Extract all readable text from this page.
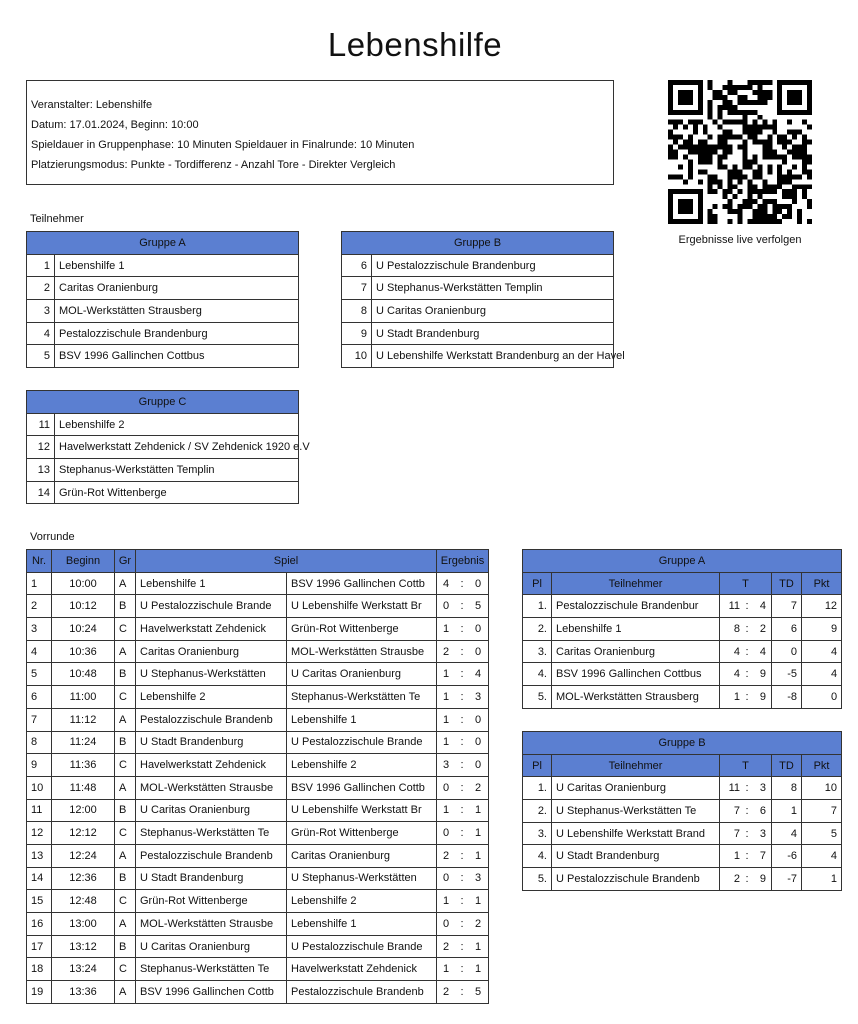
Lebenshilfe
Veranstalter: Lebenshilfe
Datum: 17.01.2024, Beginn: 10:00
Spieldauer in Gruppenphase: 10 Minuten Spieldauer in Finalrunde: 10 Minuten
Platzierungsmodus: Punkte - Tordifferenz - Anzahl Tore - Direkter Vergleich
Ergebnisse live verfolgen
Teilnehmer
Gruppe A	
1	Lebenshilfe 1
2	Caritas Oranienburg
3	MOL-Werkstätten Strausberg
4	Pestalozzischule Brandenburg
5	BSV 1996 Gallinchen Cottbus
Gruppe B	
6	U Pestalozzischule Brandenburg
7	U Stephanus-Werkstätten Templin
8	U Caritas Oranienburg
9	U Stadt Brandenburg
10	U Lebenshilfe Werkstatt Brandenburg an der Havel
Gruppe C	
11	Lebenshilfe 2
12	Havelwerkstatt Zehdenick / SV Zehdenick 1920 e.V
13	Stephanus-Werkstätten Templin
14	Grün-Rot Wittenberge
Vorrunde
Nr.	Beginn	Gr	Spiel		Ergebnis
1	10:00	A	Lebenshilfe 1	BSV 1996 Gallinchen Cottb	4 : 0
2	10:12	B	U Pestalozzischule Brande	U Lebenshilfe Werkstatt Br	0 : 5
3	10:24	C	Havelwerkstatt Zehdenick	Grün-Rot Wittenberge	1 : 0
4	10:36	A	Caritas Oranienburg	MOL-Werkstätten Strausbe	2 : 0
5	10:48	B	U Stephanus-Werkstätten	U Caritas Oranienburg	1 : 4
6	11:00	C	Lebenshilfe 2	Stephanus-Werkstätten Te	1 : 3
7	11:12	A	Pestalozzischule Brandenb	Lebenshilfe 1	1 : 0
8	11:24	B	U Stadt Brandenburg	U Pestalozzischule Brande	1 : 0
9	11:36	C	Havelwerkstatt Zehdenick	Lebenshilfe 2	3 : 0
10	11:48	A	MOL-Werkstätten Strausbe	BSV 1996 Gallinchen Cottb	0 : 2
11	12:00	B	U Caritas Oranienburg	U Lebenshilfe Werkstatt Br	1 : 1
12	12:12	C	Stephanus-Werkstätten Te	Grün-Rot Wittenberge	0 : 1
13	12:24	A	Pestalozzischule Brandenb	Caritas Oranienburg	2 : 1
14	12:36	B	U Stadt Brandenburg	U Stephanus-Werkstätten	0 : 3
15	12:48	C	Grün-Rot Wittenberge	Lebenshilfe 2	1 : 1
16	13:00	A	MOL-Werkstätten Strausbe	Lebenshilfe 1	0 : 2
17	13:12	B	U Caritas Oranienburg	U Pestalozzischule Brande	2 : 1
18	13:24	C	Stephanus-Werkstätten Te	Havelwerkstatt Zehdenick	1 : 1
19	13:36	A	BSV 1996 Gallinchen Cottb	Pestalozzischule Brandenb	2 : 5
Gruppe A				
Pl	Teilnehmer	T	TD	Pkt
1.	Pestalozzischule Brandenbur	11 : 4	7	12
2.	Lebenshilfe 1	8 : 2	6	9
3.	Caritas Oranienburg	4 : 4	0	4
4.	BSV 1996 Gallinchen Cottbus	4 : 9	-5	4
5.	MOL-Werkstätten Strausberg	1 : 9	-8	0
Gruppe B				
Pl	Teilnehmer	T	TD	Pkt
1.	U Caritas Oranienburg	11 : 3	8	10
2.	U Stephanus-Werkstätten Te	7 : 6	1	7
3.	U Lebenshilfe Werkstatt Brand	7 : 3	4	5
4.	U Stadt Brandenburg	1 : 7	-6	4
5.	U Pestalozzischule Brandenb	2 : 9	-7	1
